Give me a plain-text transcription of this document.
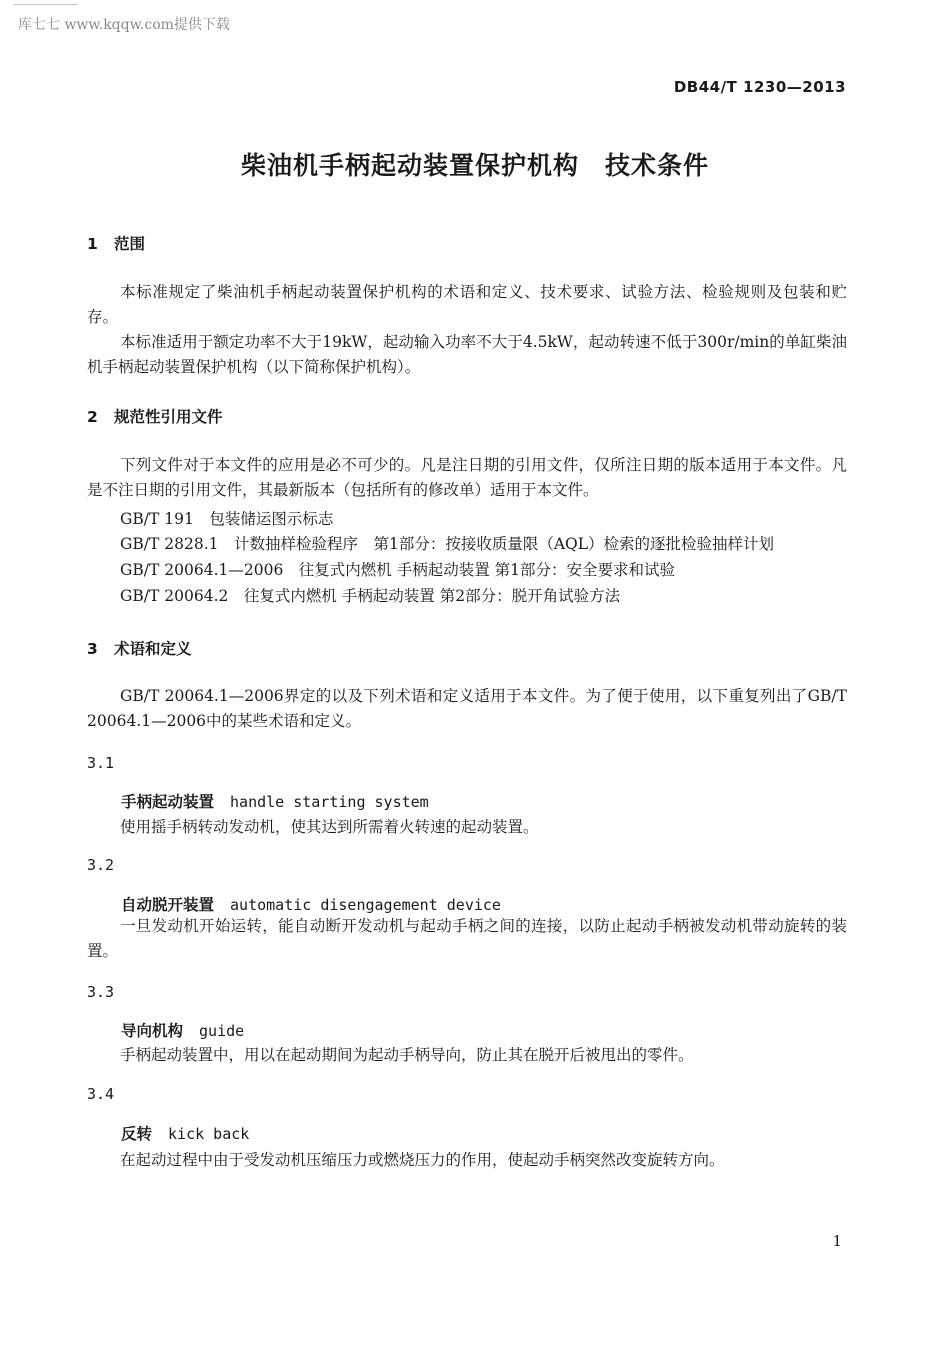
库七七 www.kqqw.com提供下载
DB44/T 1230—2013
柴油机手柄起动装置保护机构　技术条件
1 范围
本标准规定了柴油机手柄起动装置保护机构的术语和定义、技术要求、试验方法、检验规则及包装和贮存。
本标准适用于额定功率不大于19kW，起动输入功率不大于4.5kW，起动转速不低于300r/min的单缸柴油机手柄起动装置保护机构（以下简称保护机构）。
2 规范性引用文件
下列文件对于本文件的应用是必不可少的。凡是注日期的引用文件，仅所注日期的版本适用于本文件。凡是不注日期的引用文件，其最新版本（包括所有的修改单）适用于本文件。
GB/T 191　包装储运图示标志
GB/T 2828.1　计数抽样检验程序　第1部分：按接收质量限（AQL）检索的逐批检验抽样计划
GB/T 20064.1—2006　往复式内燃机 手柄起动装置 第1部分：安全要求和试验
GB/T 20064.2　往复式内燃机 手柄起动装置 第2部分：脱开角试验方法
3 术语和定义
GB/T 20064.1—2006界定的以及下列术语和定义适用于本文件。为了便于使用，以下重复列出了GB/T 20064.1—2006中的某些术语和定义。
3.1
手柄起动装置 handle starting system
使用摇手柄转动发动机，使其达到所需着火转速的起动装置。
3.2
自动脱开装置 automatic disengagement device
一旦发动机开始运转，能自动断开发动机与起动手柄之间的连接，以防止起动手柄被发动机带动旋转的装置。
3.3
导向机构 guide
手柄起动装置中，用以在起动期间为起动手柄导向，防止其在脱开后被甩出的零件。
3.4
反转 kick back
在起动过程中由于受发动机压缩压力或燃烧压力的作用，使起动手柄突然改变旋转方向。
1
